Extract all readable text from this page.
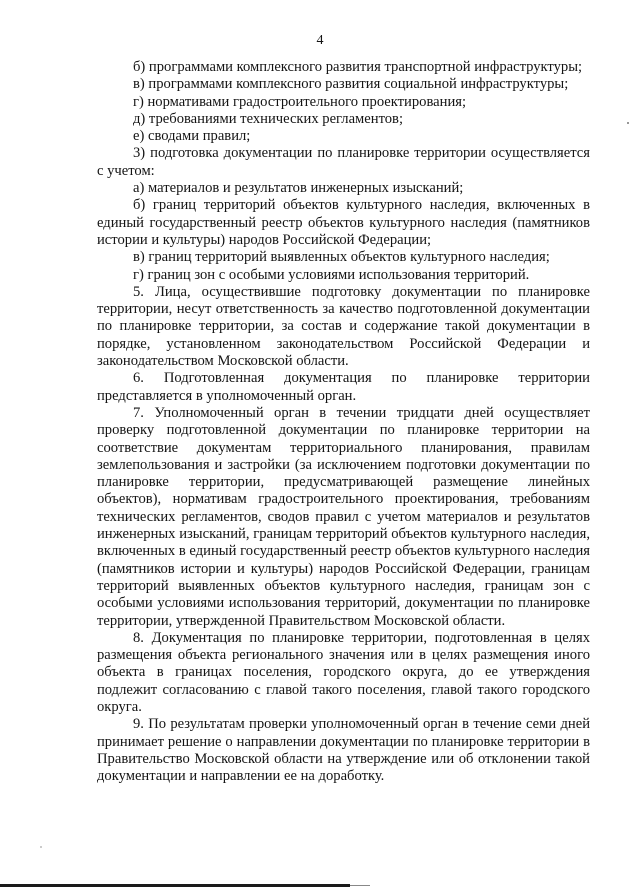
4

б) программами комплексного развития транспортной инфраструктуры;

в) программами комплексного развития социальной инфраструктуры;

г) нормативами градостроительного проектирования;

д) требованиями технических регламентов;

е) сводами правил;

3) подготовка документации по планировке территории осуществляется с учетом:

а) материалов и результатов инженерных изысканий;

б) границ территорий объектов культурного наследия, включенных в единый государственный реестр объектов культурного наследия (памятников истории и культуры) народов Российской Федерации;

в) границ территорий выявленных объектов культурного наследия;

г) границ зон с особыми условиями использования территорий.

5. Лица, осуществившие подготовку документации по планировке территории, несут ответственность за качество подготовленной документации по планировке территории, за состав и содержание такой документации в порядке, установленном законодательством Российской Федерации и законодательством Московской области.

6. Подготовленная документация по планировке территории представляется в уполномоченный орган.

7. Уполномоченный орган в течении тридцати дней осуществляет проверку подготовленной документации по планировке территории на соответствие документам территориального планирования, правилам землепользования и застройки (за исключением подготовки документации по планировке территории, предусматривающей размещение линейных объектов), нормативам градостроительного проектирования, требованиям технических регламентов, сводов правил с учетом материалов и результатов инженерных изысканий, границам территорий объектов культурного наследия, включенных в единый государственный реестр объектов культурного наследия (памятников истории и культуры) народов Российской Федерации, границам территорий выявленных объектов культурного наследия, границам зон с особыми условиями использования территорий, документации по планировке территории, утвержденной Правительством Московской области.

8. Документация по планировке территории, подготовленная в целях размещения объекта регионального значения или в целях размещения иного объекта в границах поселения, городского округа, до ее утверждения подлежит согласованию с главой такого поселения, главой такого городского округа.

9. По результатам проверки уполномоченный орган в течение семи дней принимает решение о направлении документации по планировке территории в Правительство Московской области на утверждение или об отклонении такой документации и направлении ее на доработку.
